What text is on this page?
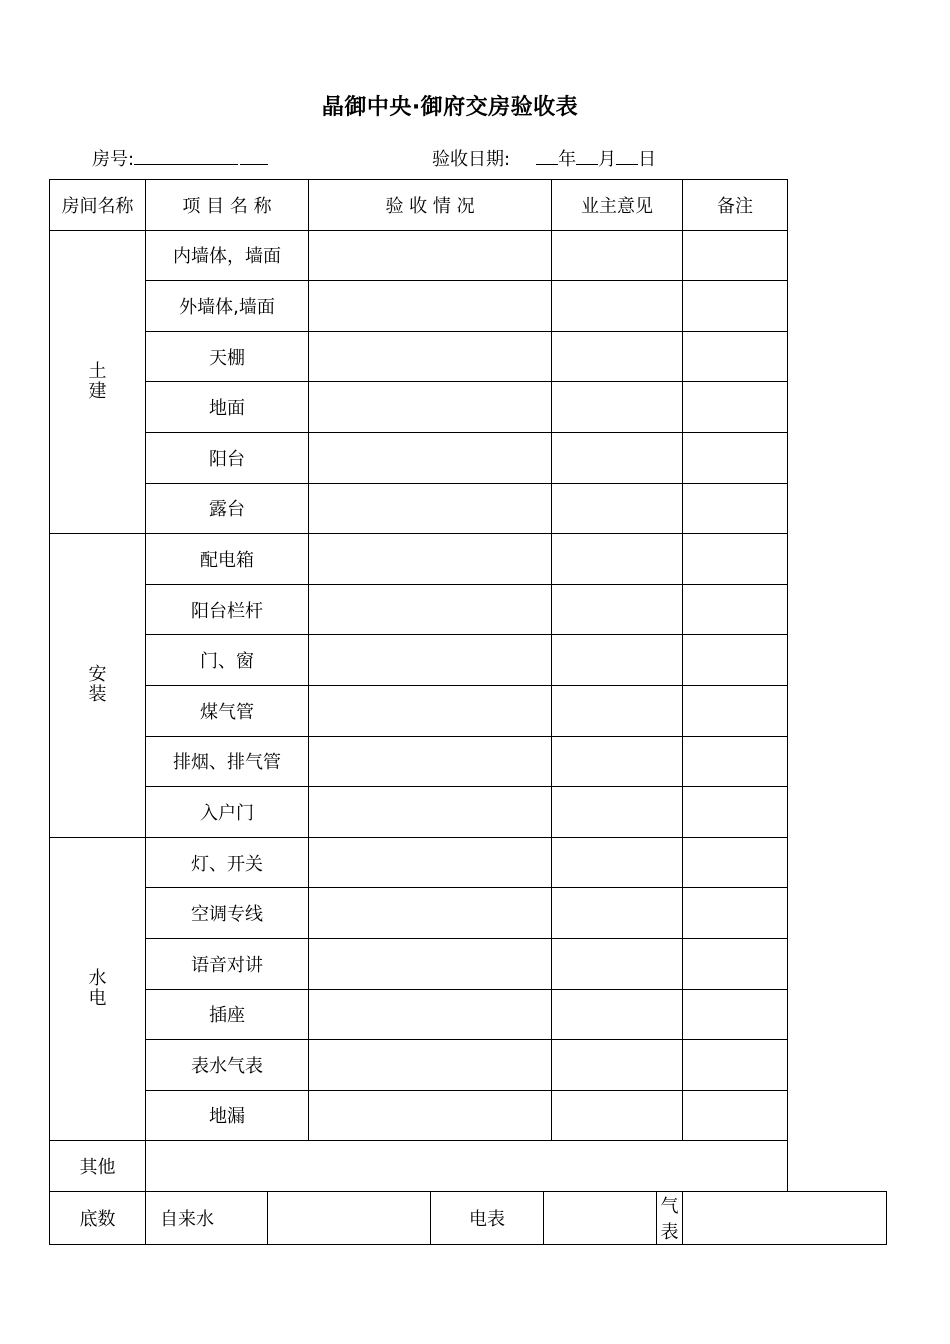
晶御中央·御府交房验收表
房号:	验收日期:	年 月 日
房间名称	项 目 名 称		验 收 情 况			业主意见		备注

土
建	内墙体，墙面							
	外墙体,墙面							
	天棚							
	地面							
	阳台							
	露台							

安
装	配电箱							
	阳台栏杆							
	门、窗							
	煤气管							
	排烟、排气管							
	入户门							

水
电	灯、开关							
	空调专线							
	语音对讲							
	插座							
	表水气表							
	地漏							
其他								
底数	自来水			电表			气表	
